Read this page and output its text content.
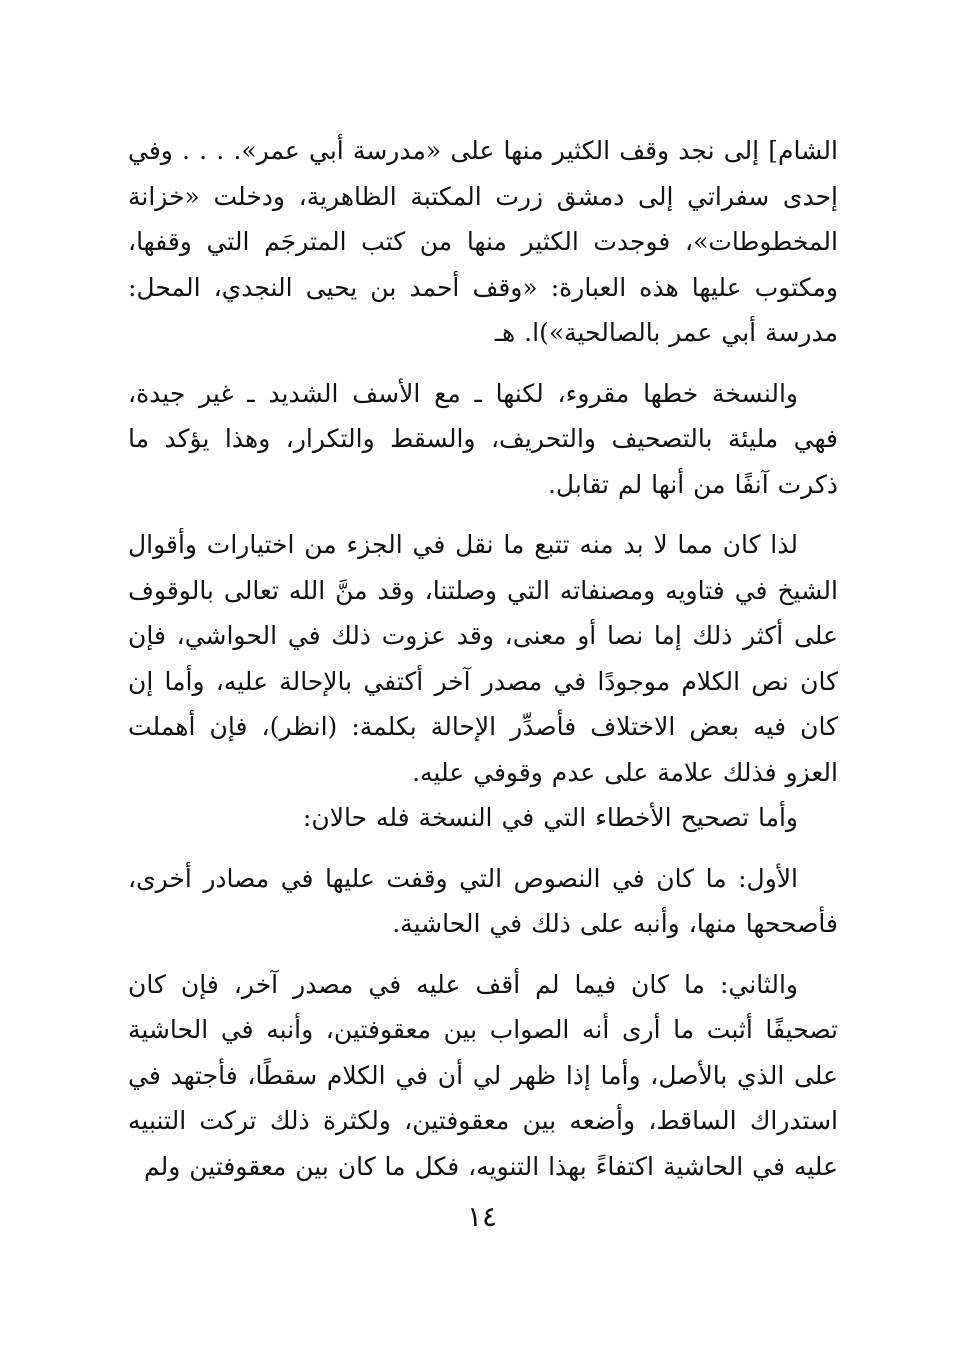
الشام] إلى نجد وقف الكثير منها على «مدرسة أبي عمر». . . . وفي إحدى سفراتي إلى دمشق زرت المكتبة الظاهرية، ودخلت «خزانة المخطوطات»، فوجدت الكثير منها من كتب المترجَم التي وقفها، ومكتوب عليها هذه العبارة: «وقف أحمد بن يحيى النجدي، المحل: مدرسة أبي عمر بالصالحية»)ا. هـ

والنسخة خطها مقروء، لكنها ـ مع الأسف الشديد ـ غير جيدة، فهي مليئة بالتصحيف والتحريف، والسقط والتكرار، وهذا يؤكد ما ذكرت آنفًا من أنها لم تقابل.

لذا كان مما لا بد منه تتبع ما نقل في الجزء من اختيارات وأقوال الشيخ في فتاويه ومصنفاته التي وصلتنا، وقد منَّ الله تعالى بالوقوف على أكثر ذلك إما نصا أو معنى، وقد عزوت ذلك في الحواشي، فإن كان نص الكلام موجودًا في مصدر آخر أكتفي بالإحالة عليه، وأما إن كان فيه بعض الاختلاف فأصدِّر الإحالة بكلمة: (انظر)، فإن أهملت العزو فذلك علامة على عدم وقوفي عليه.

وأما تصحيح الأخطاء التي في النسخة فله حالان:

الأول: ما كان في النصوص التي وقفت عليها في مصادر أخرى، فأصححها منها، وأنبه على ذلك في الحاشية.

والثاني: ما كان فيما لم أقف عليه في مصدر آخر، فإن كان تصحيفًا أثبت ما أرى أنه الصواب بين معقوفتين، وأنبه في الحاشية على الذي بالأصل، وأما إذا ظهر لي أن في الكلام سقطًا، فأجتهد في استدراك الساقط، وأضعه بين معقوفتين، ولكثرة ذلك تركت التنبيه عليه في الحاشية اكتفاءً بهذا التنويه، فكل ما كان بين معقوفتين ولم

١٤
